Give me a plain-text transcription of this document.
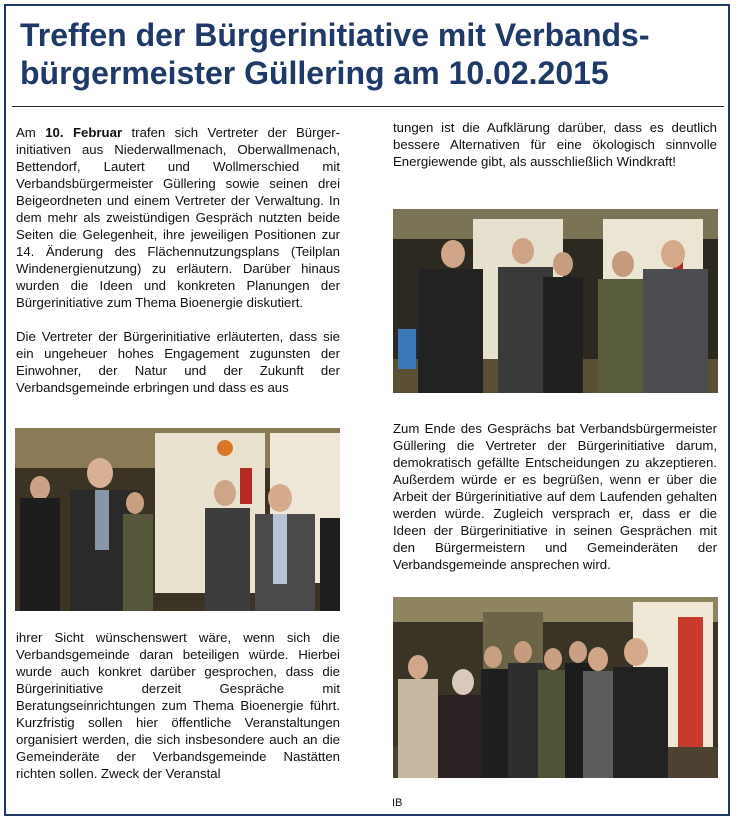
Treffen der Bürgerinitiative mit Verbandsbürgermeister Güllering am 10.02.2015

Am 10. Februar trafen sich Vertreter der Bürgerinitiativen aus Niederwallmenach, Oberwallmenach, Bettendorf, Lautert und Wollmerschied mit Verbandsbürgermeister Güllering sowie seinen drei Beigeordneten und einem Vertreter der Verwaltung. In dem mehr als zweistündigen Gespräch nutzten beide Seiten die Gelegenheit, ihre jeweiligen Positionen zur 14. Änderung des Flächennutzungsplans (Teilplan Windenergienutzung) zu erläutern. Darüber hinaus wurden die Ideen und konkreten Planungen der Bürgerinitiative zum Thema Bioenergie diskutiert.

Die Vertreter der Bürgerinitiative erläuterten, dass sie ein ungeheuer hohes Engagement zugunsten der Einwohner, der Natur und der Zukunft der Verbandsgemeinde erbringen und dass es aus

ihrer Sicht wünschenswert wäre, wenn sich die Verbandsgemeinde daran beteiligen würde. Hierbei wurde auch konkret darüber gesprochen, dass die Bürgerinitiative derzeit Gespräche mit Beratungseinrichtungen zum Thema Bioenergie führt. Kurzfristig sollen hier öffentliche Veranstaltungen organisiert werden, die sich insbesondere auch an die Gemeinderäte der Verbandsgemeinde Nastätten richten sollen. Zweck der Veranstal

tungen ist die Aufklärung darüber, dass es deutlich bessere Alternativen für eine ökologisch sinnvolle Energiewende gibt, als ausschließlich Windkraft!

Zum Ende des Gesprächs bat Verbandsbürgermeister Güllering die Vertreter der Bürgerinitiative darum, demokratisch gefällte Entscheidungen zu akzeptieren. Außerdem würde er es begrüßen, wenn er über die Arbeit der Bürgerinitiative auf dem Laufenden gehalten werden würde. Zugleich versprach er, dass er die Ideen der Bürgerinitiative in seinen Gesprächen mit den Bürgermeistern und Gemeinderäten der Verbandsgemeinde ansprechen wird.

IB
